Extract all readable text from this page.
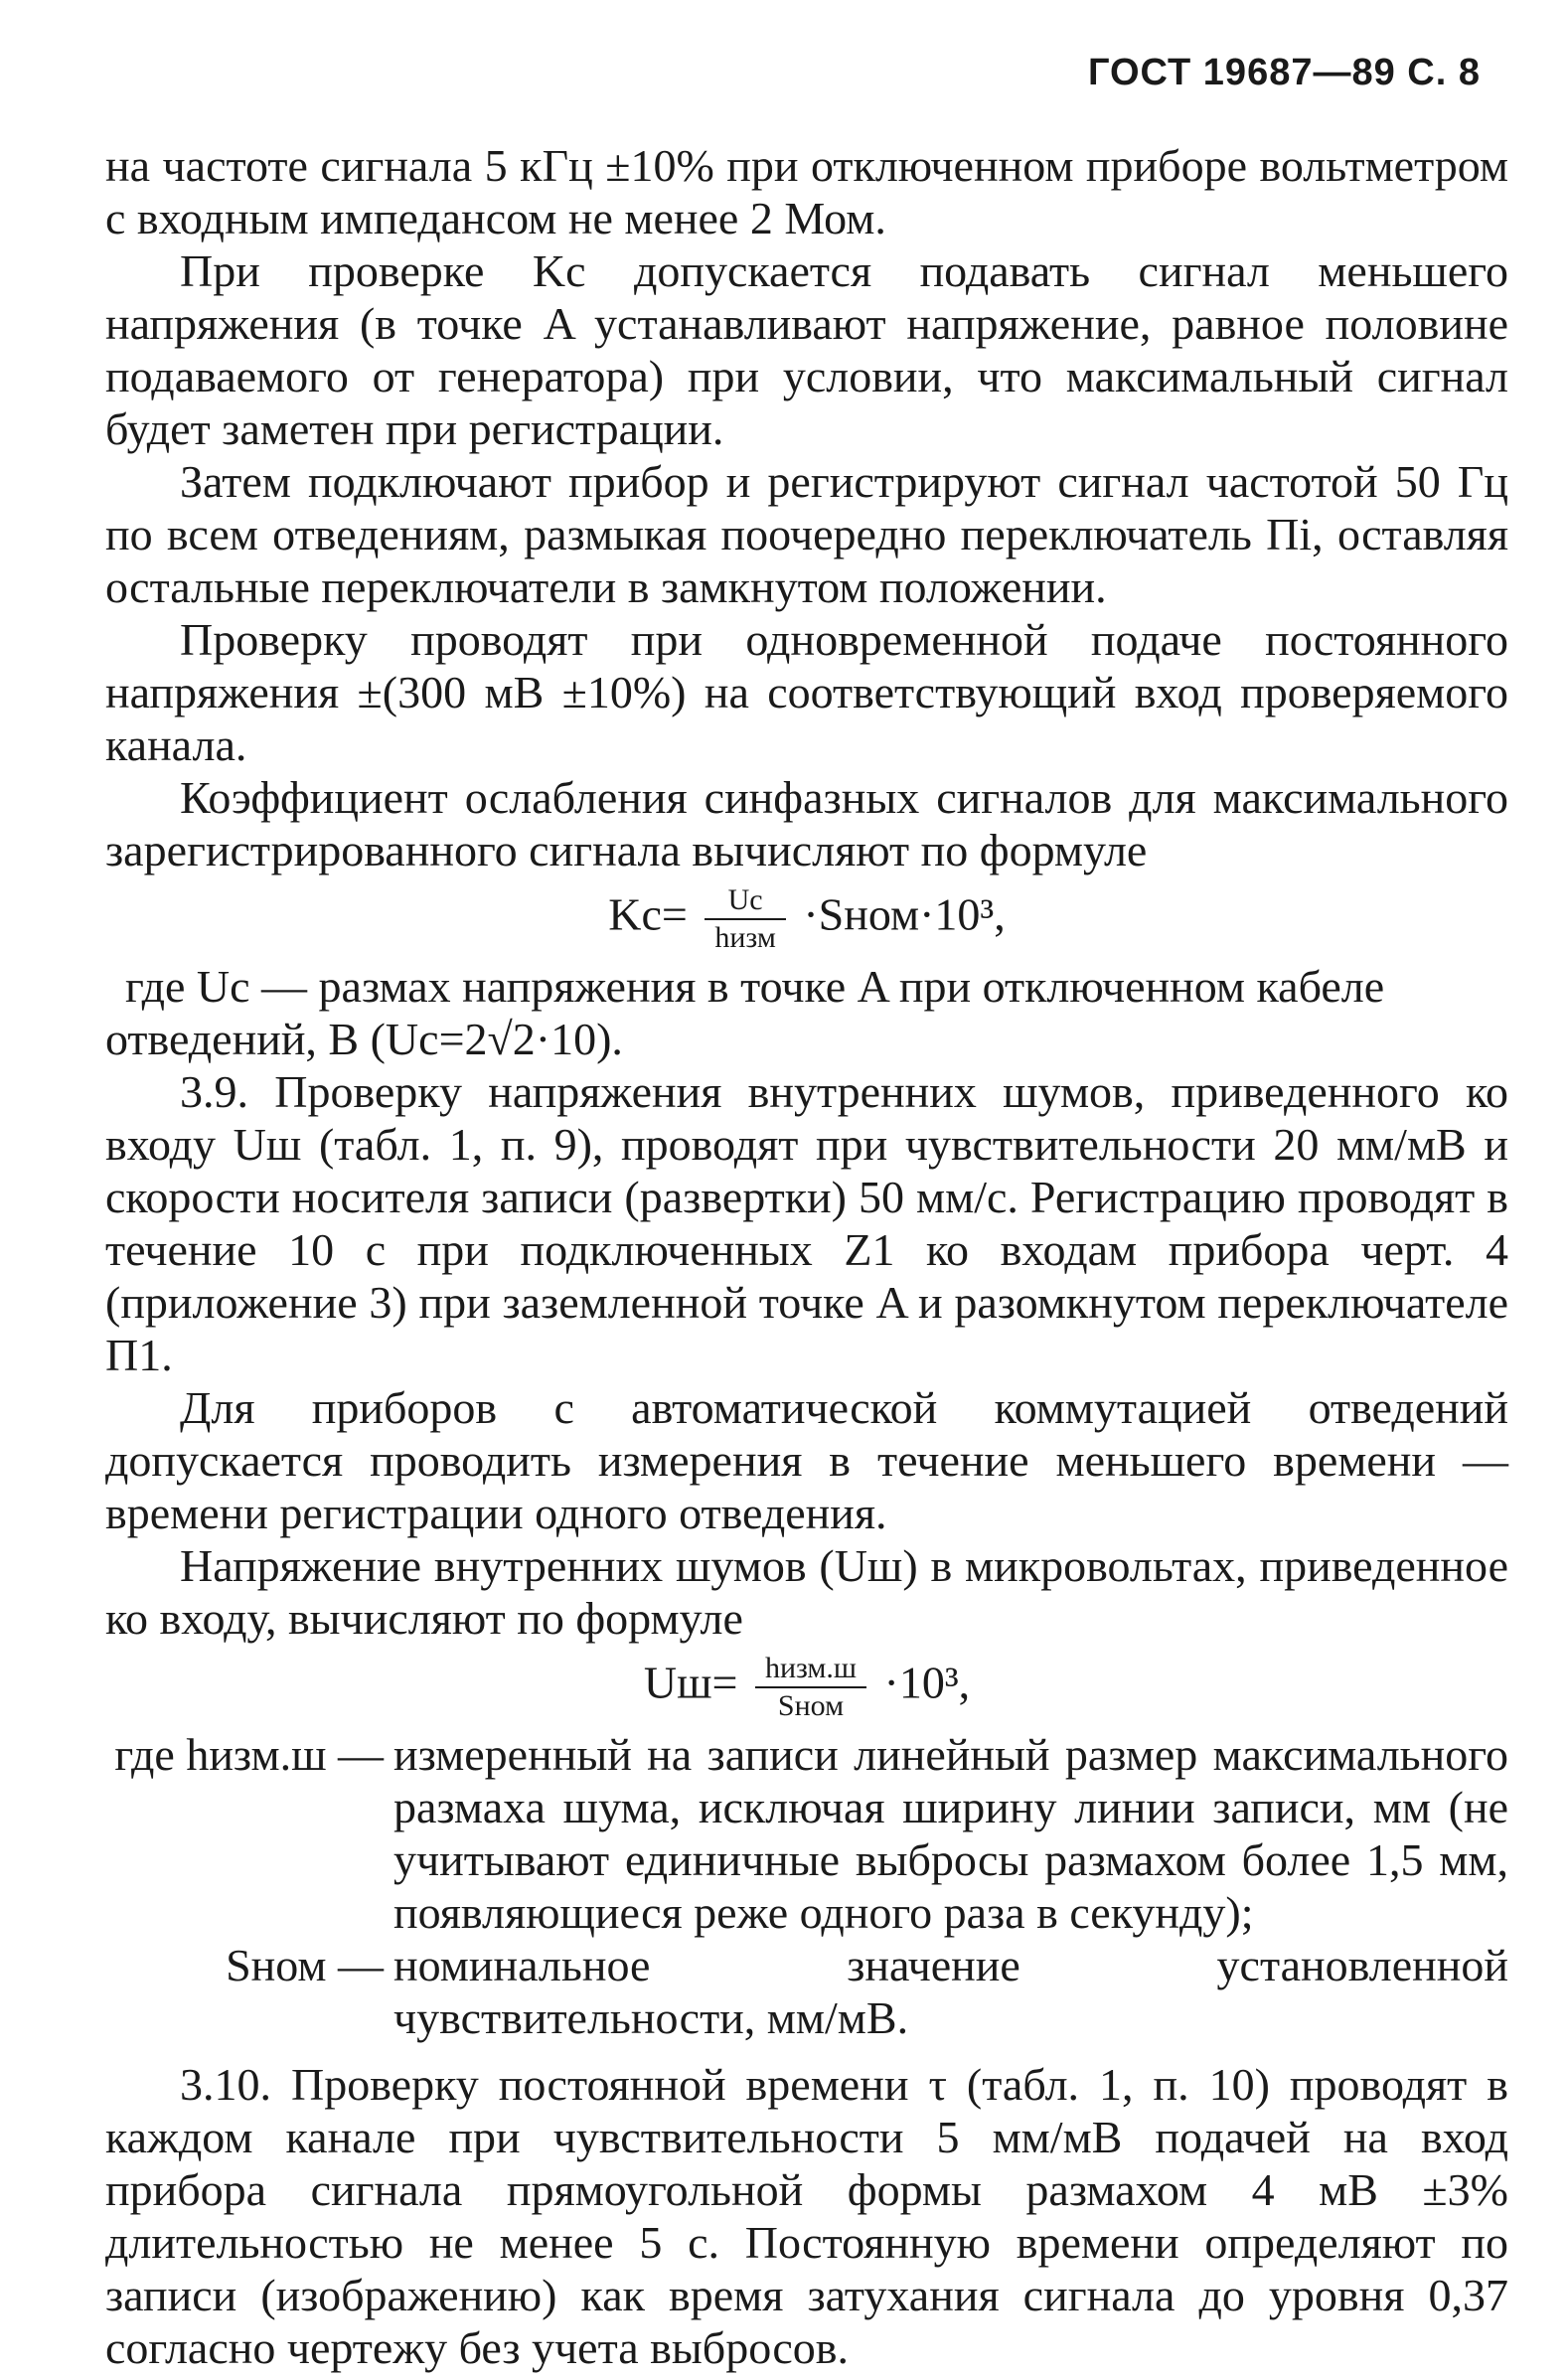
ГОСТ 19687—89 С. 8

на частоте сигнала 5 кГц ±10% при отключенном приборе вольтметром с входным импедансом не менее 2 Мом.

При проверке Kс допускается подавать сигнал меньшего напряжения (в точке A устанавливают напряжение, равное половине подаваемого от генератора) при условии, что максимальный сигнал будет заметен при регистрации.

Затем подключают прибор и регистрируют сигнал частотой 50 Гц по всем отведениям, размыкая поочередно переключатель Пi, оставляя остальные переключатели в замкнутом положении.

Проверку проводят при одновременной подаче постоянного напряжения ±(300 мВ ±10%) на соответствующий вход проверяемого канала.

Коэффициент ослабления синфазных сигналов для максимального зарегистрированного сигнала вычисляют по формуле

$Kс= \frac{Uс}{\text{hизм}}$ ·Sном·10³,

где Uс — размах напряжения в точке A при отключенном кабеле

отведений, В (Uс=2√2·10).

3.9. Проверку напряжения внутренних шумов, приведенного ко входу Uш (табл. 1, п. 9), проводят при чувствительности 20 мм/мВ и скорости носителя записи (развертки) 50 мм/с. Регистрацию проводят в течение 10 с при подключенных Z1 ко входам прибора черт. 4 (приложение 3) при заземленной точке A и разомкнутом переключателе П1.

Для приборов с автоматической коммутацией отведений допускается проводить измерения в течение меньшего времени — времени регистрации одного отведения.

Напряжение внутренних шумов (Uш) в микровольтах, приведенное ко входу, вычисляют по формуле

$Uш= \frac{\text{hизм.ш}}{\text{Sном}} \cdot 10^3$,
где hизм.ш — измеренный на записи линейный размер максимального размаха шума, исключая ширину линии записи, мм (не учитывают единичные выбросы размахом более 1,5 мм, появляющиеся реже одного раза в секунду);
Sном — номинальное значение установленной чувствительности, мм/мВ.

3.10. Проверку постоянной времени τ (табл. 1, п. 10) проводят в каждом канале при чувствительности 5 мм/мВ подачей на вход прибора сигнала прямоугольной формы размахом 4 мВ ±3% длительностью не менее 5 с. Постоянную времени определяют по записи (изображению) как время затухания сигнала до уровня 0,37 согласно чертежу без учета выбросов.
